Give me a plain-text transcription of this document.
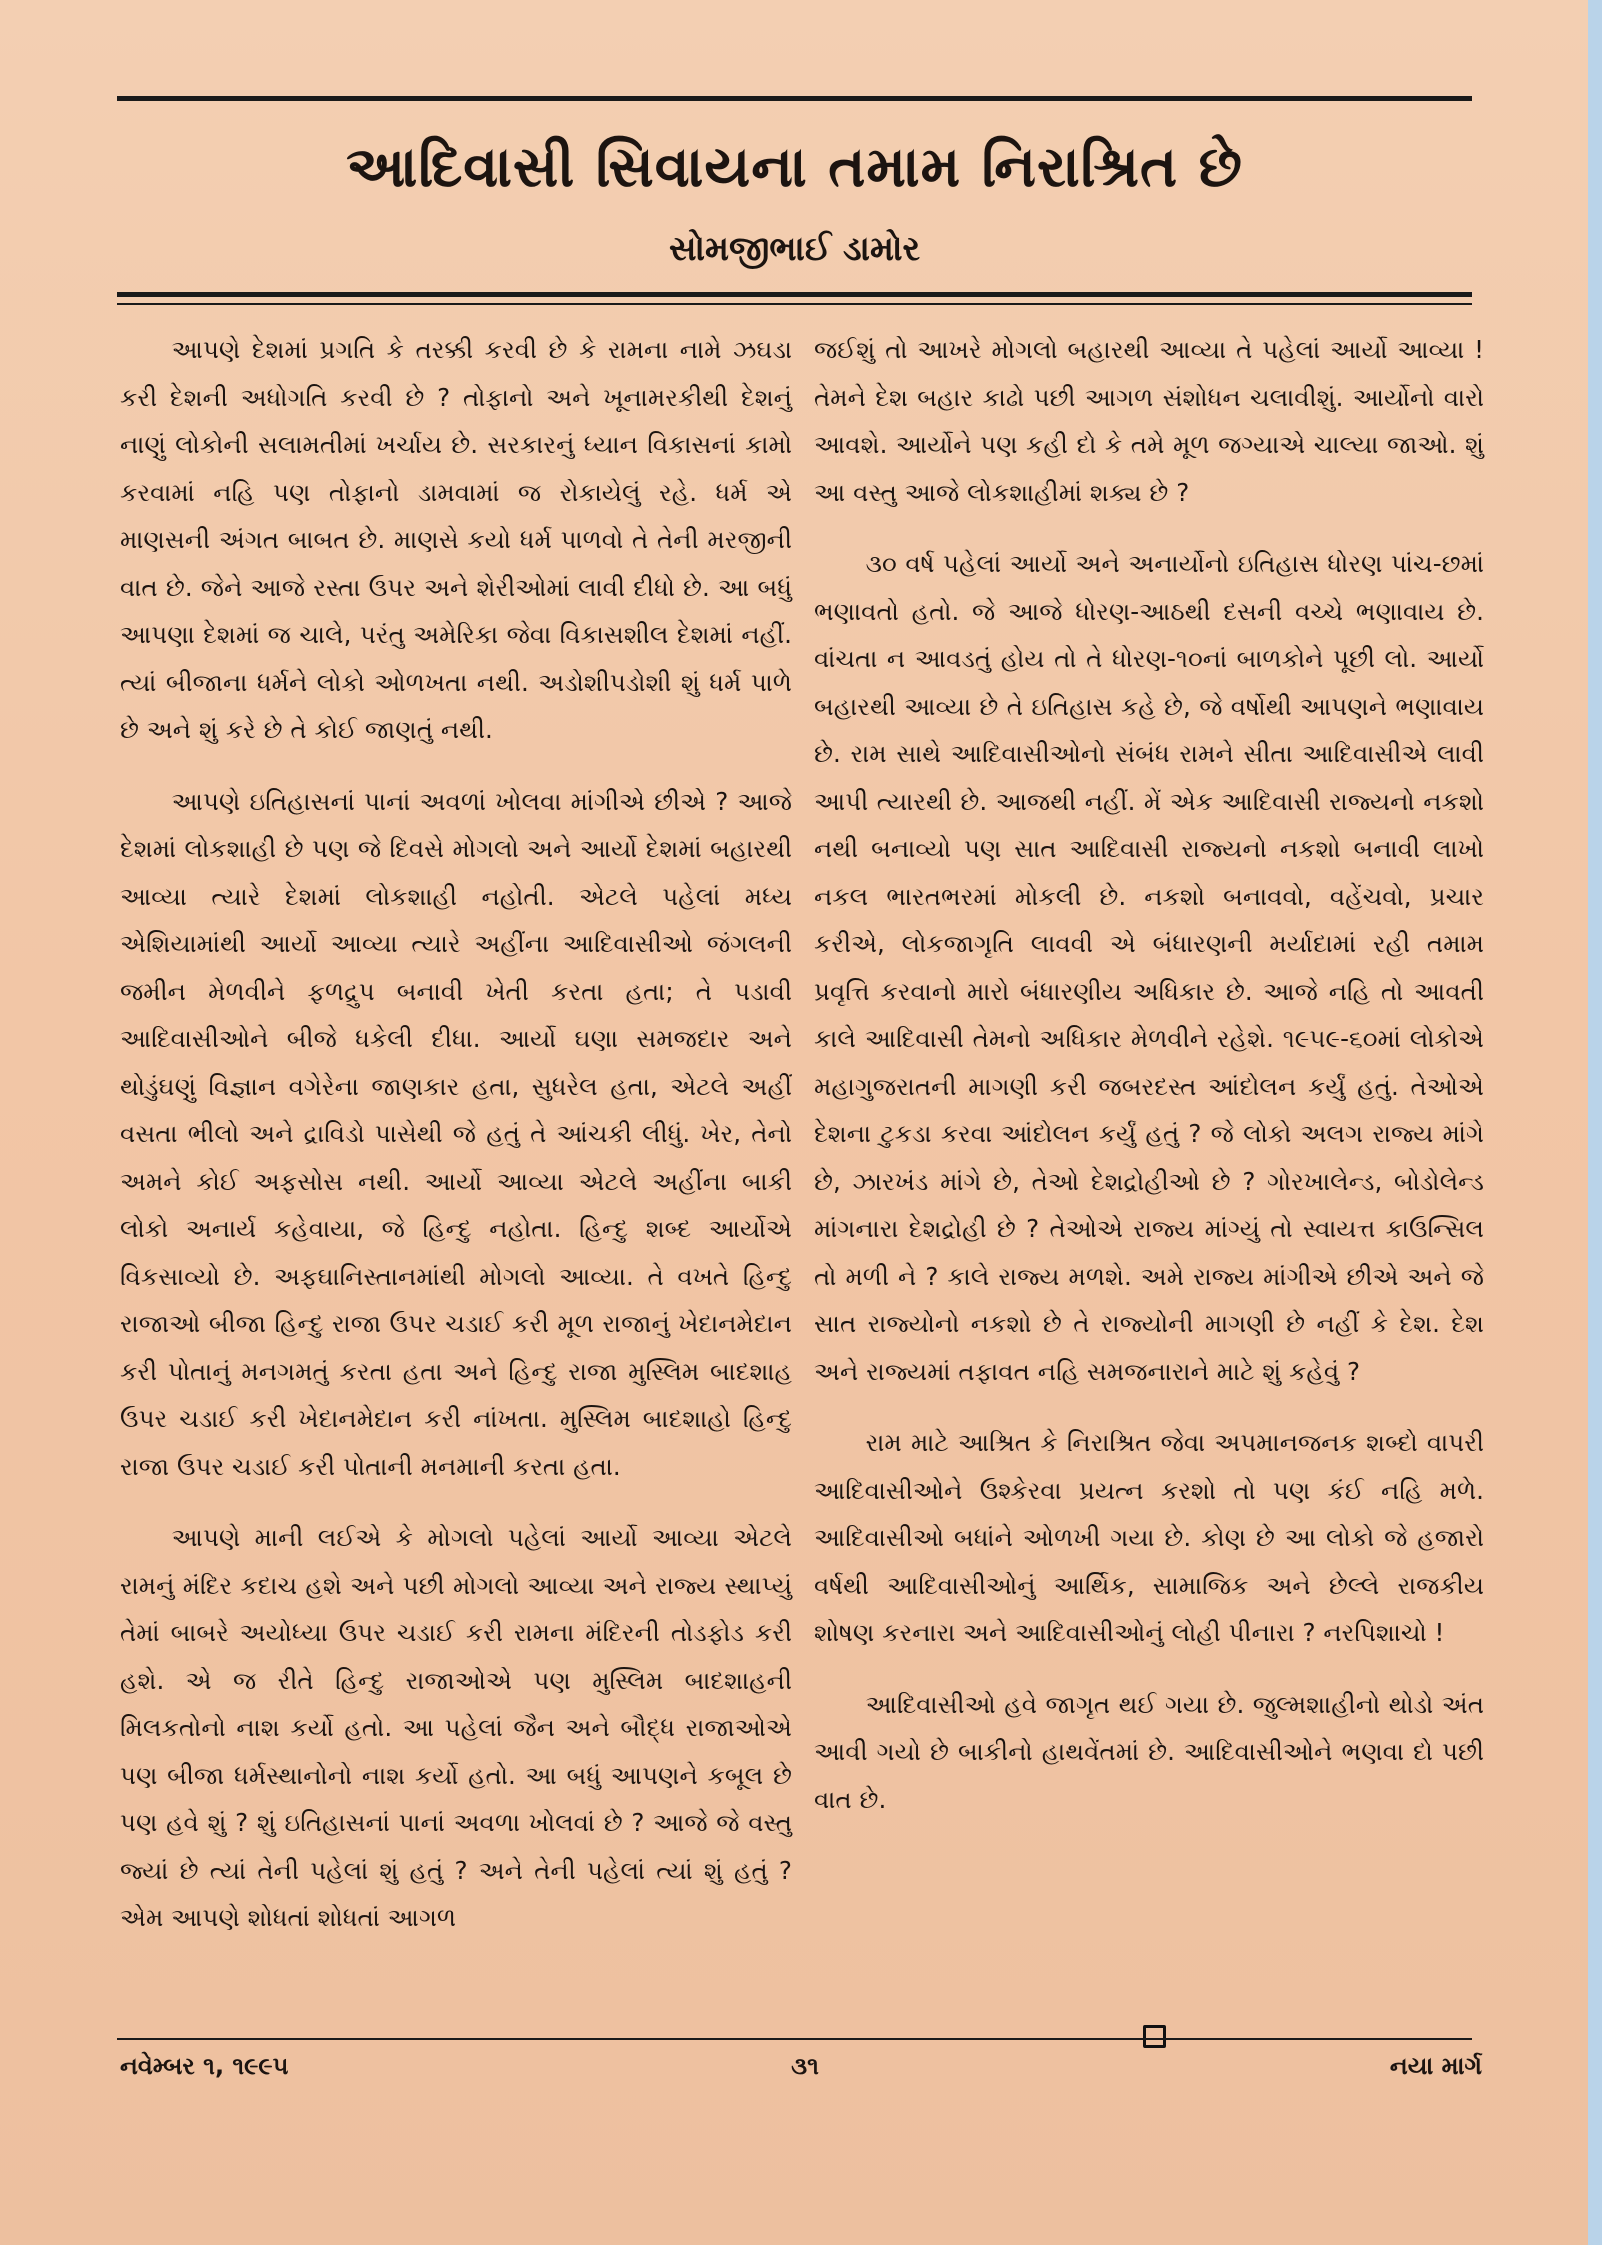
આદિવાસી સિવાયના તમામ નિરાશ્રિત છે
સોમજીભાઈ ડામોર

આપણે દેશમાં પ્રગતિ કે તરક્કી કરવી છે કે રામના નામે ઝઘડા કરી દેશની અધોગતિ કરવી છે ? તોફાનો અને ખૂનામરકીથી દેશનું નાણું લોકોની સલામતીમાં ખર્ચાય છે. સરકારનું ધ્યાન વિકાસનાં કામો કરવામાં નહિ પણ તોફાનો ડામવામાં જ રોકાયેલું રહે. ધર્મ એ માણસની અંગત બાબત છે. માણસે કયો ધર્મ પાળવો તે તેની મરજીની વાત છે. જેને આજે રસ્તા ઉપર અને શેરીઓમાં લાવી દીધો છે. આ બધું આપણા દેશમાં જ ચાલે, પરંતુ અમેરિકા જેવા વિકાસશીલ દેશમાં નહીં. ત્યાં બીજાના ધર્મને લોકો ઓળખતા નથી. અડોશીપડોશી શું ધર્મ પાળે છે અને શું કરે છે તે કોઈ જાણતું નથી.

આપણે ઇતિહાસનાં પાનાં અવળાં ખોલવા માંગીએ છીએ ? આજે દેશમાં લોકશાહી છે પણ જે દિવસે મોગલો અને આર્યો દેશમાં બહારથી આવ્યા ત્યારે દેશમાં લોકશાહી નહોતી. એટલે પહેલાં મધ્ય એશિયામાંથી આર્યો આવ્યા ત્યારે અહીંના આદિવાસીઓ જંગલની જમીન મેળવીને ફળદ્રુપ બનાવી ખેતી કરતા હતા; તે પડાવી આદિવાસીઓને બીજે ધકેલી દીધા. આર્યો ઘણા સમજદાર અને થોડુંઘણું વિજ્ઞાન વગેરેના જાણકાર હતા, સુધરેલ હતા, એટલે અહીં વસતા ભીલો અને દ્રાવિડો પાસેથી જે હતું તે આંચકી લીધું. ખેર, તેનો અમને કોઈ અફસોસ નથી. આર્યો આવ્યા એટલે અહીંના બાકી લોકો અનાર્ય કહેવાયા, જે હિન્દુ નહોતા. હિન્દુ શબ્દ આર્યોએ વિકસાવ્યો છે. અફઘાનિસ્તાનમાંથી મોગલો આવ્યા. તે વખતે હિન્દુ રાજાઓ બીજા હિન્દુ રાજા ઉપર ચડાઈ કરી મૂળ રાજાનું ખેદાનમેદાન કરી પોતાનું મનગમતું કરતા હતા અને હિન્દુ રાજા મુસ્લિમ બાદશાહ ઉપર ચડાઈ કરી ખેદાનમેદાન કરી નાંખતા. મુસ્લિમ બાદશાહો હિન્દુ રાજા ઉપર ચડાઈ કરી પોતાની મનમાની કરતા હતા.

આપણે માની લઈએ કે મોગલો પહેલાં આર્યો આવ્યા એટલે રામનું મંદિર કદાચ હશે અને પછી મોગલો આવ્યા અને રાજ્ય સ્થાપ્યું તેમાં બાબરે અયોધ્યા ઉપર ચડાઈ કરી રામના મંદિરની તોડફોડ કરી હશે. એ જ રીતે હિન્દુ રાજાઓએ પણ મુસ્લિમ બાદશાહની મિલકતોનો નાશ કર્યો હતો. આ પહેલાં જૈન અને બૌદ્ધ રાજાઓએ પણ બીજા ધર્મસ્થાનોનો નાશ કર્યો હતો. આ બધું આપણને કબૂલ છે પણ હવે શું ? શું ઇતિહાસનાં પાનાં અવળા ખોલવાં છે ? આજે જે વસ્તુ જ્યાં છે ત્યાં તેની પહેલાં શું હતું ? અને તેની પહેલાં ત્યાં શું હતું ? એમ આપણે શોધતાં શોધતાં આગળ

જઈશું તો આખરે મોગલો બહારથી આવ્યા તે પહેલાં આર્યો આવ્યા ! તેમને દેશ બહાર કાઢો પછી આગળ સંશોધન ચલાવીશું. આર્યોનો વારો આવશે. આર્યોને પણ કહી દો કે તમે મૂળ જગ્યાએ ચાલ્યા જાઓ. શું આ વસ્તુ આજે લોકશાહીમાં શક્ય છે ?

૩૦ વર્ષ પહેલાં આર્યો અને અનાર્યોનો ઇતિહાસ ધોરણ પાંચ-છમાં ભણાવતો હતો. જે આજે ધોરણ-આઠથી દસની વચ્ચે ભણાવાય છે. વાંચતા ન આવડતું હોય તો તે ધોરણ-૧૦નાં બાળકોને પૂછી લો. આર્યો બહારથી આવ્યા છે તે ઇતિહાસ કહે છે, જે વર્ષોથી આપણને ભણાવાય છે. રામ સાથે આદિવાસીઓનો સંબંધ રામને સીતા આદિવાસીએ લાવી આપી ત્યારથી છે. આજથી નહીં. મેં એક આદિવાસી રાજ્યનો નકશો નથી બનાવ્યો પણ સાત આદિવાસી રાજ્યનો નકશો બનાવી લાખો નકલ ભારતભરમાં મોકલી છે. નકશો બનાવવો, વહેંચવો, પ્રચાર કરીએ, લોકજાગૃતિ લાવવી એ બંધારણની મર્યાદામાં રહી તમામ પ્રવૃત્તિ કરવાનો મારો બંધારણીય અધિકાર છે. આજે નહિ તો આવતી કાલે આદિવાસી તેમનો અધિકાર મેળવીને રહેશે. ૧૯૫૯-૬૦માં લોકોએ મહાગુજરાતની માગણી કરી જબરદસ્ત આંદોલન કર્યું હતું. તેઓએ દેશના ટુકડા કરવા આંદોલન કર્યું હતું ? જે લોકો અલગ રાજ્ય માંગે છે, ઝારખંડ માંગે છે, તેઓ દેશદ્રોહીઓ છે ? ગોરખાલેન્ડ, બોડોલેન્ડ માંગનારા દેશદ્રોહી છે ? તેઓએ રાજ્ય માંગ્યું તો સ્વાયત્ત કાઉન્સિલ તો મળી ને ? કાલે રાજ્ય મળશે. અમે રાજ્ય માંગીએ છીએ અને જે સાત રાજ્યોનો નકશો છે તે રાજ્યોની માગણી છે નહીં કે દેશ. દેશ અને રાજ્યમાં તફાવત નહિ સમજનારાને માટે શું કહેવું ?

રામ માટે આશ્રિત કે નિરાશ્રિત જેવા અપમાનજનક શબ્દો વાપરી આદિવાસીઓને ઉશ્કેરવા પ્રયત્ન કરશો તો પણ કંઈ નહિ મળે. આદિવાસીઓ બધાંને ઓળખી ગયા છે. કોણ છે આ લોકો જે હજારો વર્ષથી આદિવાસીઓનું આર્થિક, સામાજિક અને છેલ્લે રાજકીય શોષણ કરનારા અને આદિવાસીઓનું લોહી પીનારા ? નરપિશાચો !

આદિવાસીઓ હવે જાગૃત થઈ ગયા છે. જુલ્મશાહીનો થોડો અંત આવી ગયો છે બાકીનો હાથવેંતમાં છે. આદિવાસીઓને ભણવા દો પછી વાત છે.

નવેમ્બર ૧, ૧૯૯૫	૩૧	નયા માર્ગ
